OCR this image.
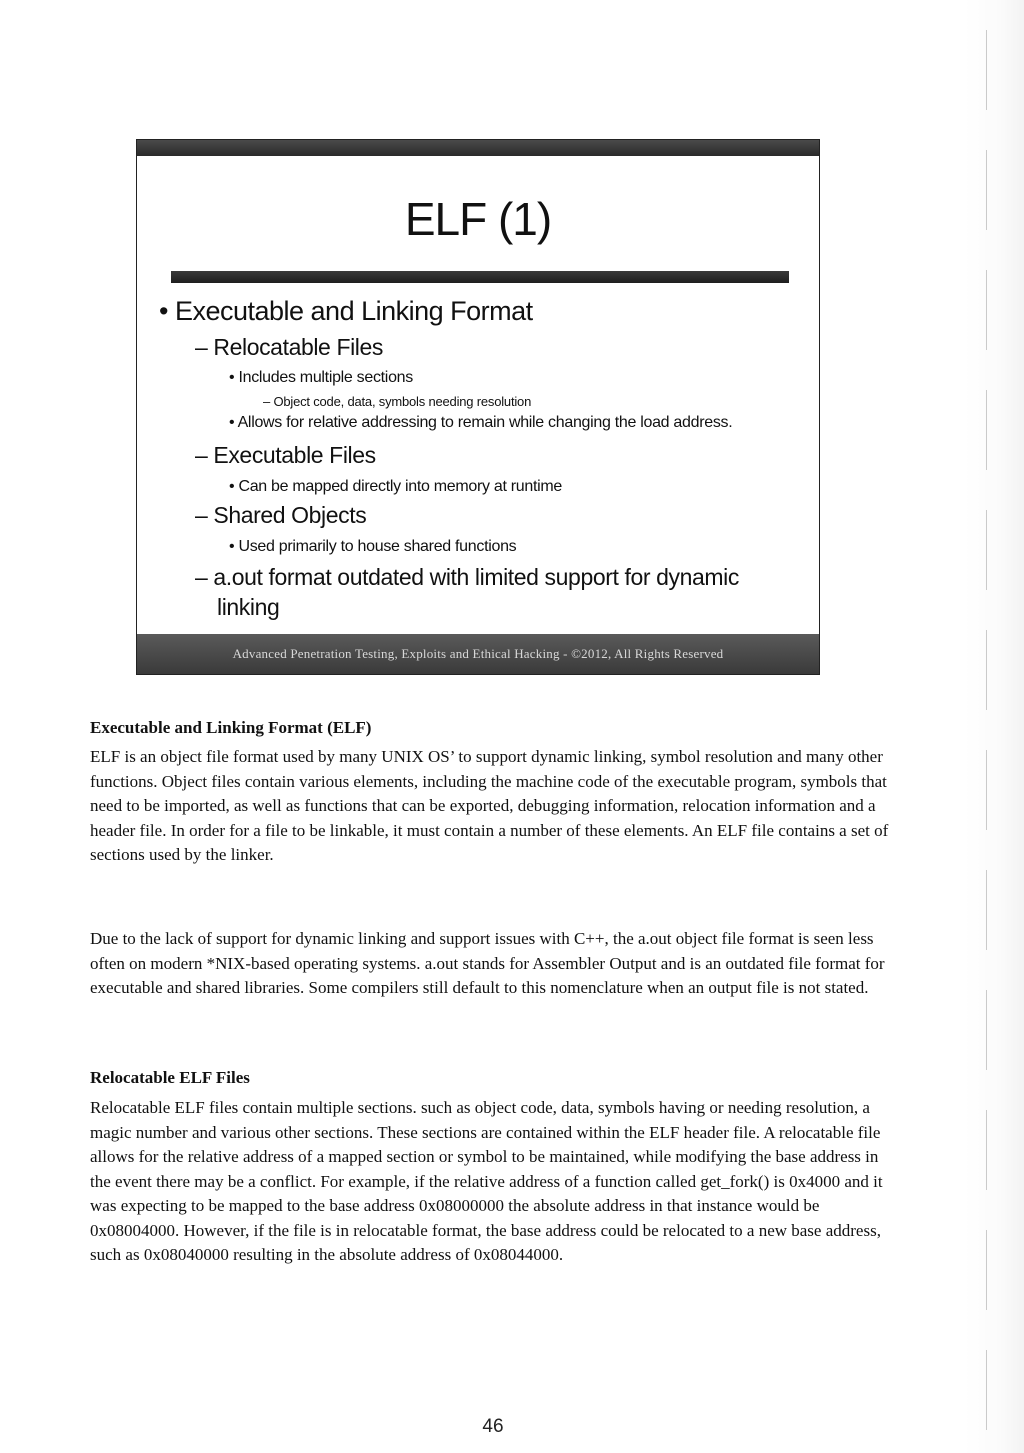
ELF (1)
• Executable and Linking Format
– Relocatable Files
• Includes multiple sections
– Object code, data, symbols needing resolution
• Allows for relative addressing to remain while changing the load address.
– Executable Files
• Can be mapped directly into memory at runtime
– Shared Objects
• Used primarily to house shared functions
– a.out format outdated with limited support for dynamic
linking
Advanced Penetration Testing, Exploits and Ethical Hacking - ©2012, All Rights Reserved
Executable and Linking Format (ELF)
ELF is an object file format used by many UNIX OS’ to support dynamic linking, symbol resolution and many other functions. Object files contain various elements, including the machine code of the executable program, symbols that need to be imported, as well as functions that can be exported, debugging information, relocation information and a header file. In order for a file to be linkable, it must contain a number of these elements. An ELF file contains a set of sections used by the linker.
Due to the lack of support for dynamic linking and support issues with C++, the a.out object file format is seen less often on modern *NIX-based operating systems. a.out stands for Assembler Output and is an outdated file format for executable and shared libraries. Some compilers still default to this nomenclature when an output file is not stated.
Relocatable ELF Files
Relocatable ELF files contain multiple sections. such as object code, data, symbols having or needing resolution, a magic number and various other sections. These sections are contained within the ELF header file. A relocatable file allows for the relative address of a mapped section or symbol to be maintained, while modifying the base address in the event there may be a conflict. For example, if the relative address of a function called get_fork() is 0x4000 and it was expecting to be mapped to the base address 0x08000000 the absolute address in that instance would be 0x08004000. However, if the file is in relocatable format, the base address could be relocated to a new base address, such as 0x08040000 resulting in the absolute address of 0x08044000.
46
